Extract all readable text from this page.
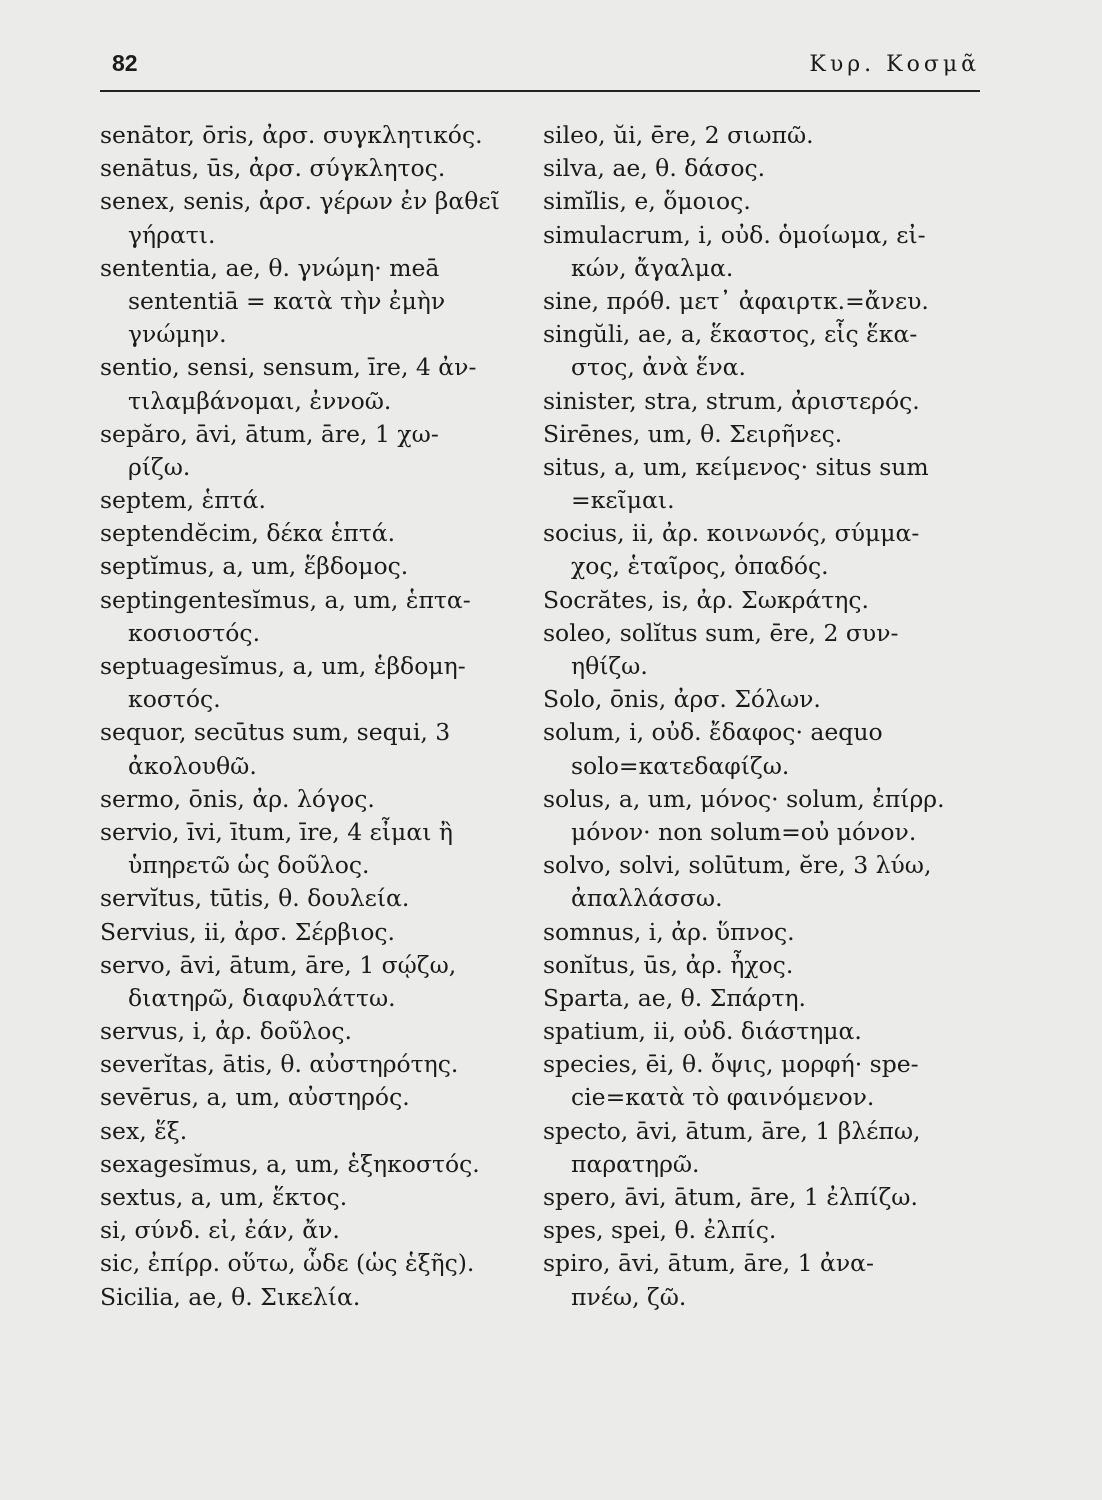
82	Κυρ. Κοσμᾶ
senātor, ōris, ἀρσ. συγκλητικός.
senātus, ūs, ἀρσ. σύγκλητος.
senex, senis, ἀρσ. γέρων ἐν βαθεῖ
γήρατι.
sententia, ae, θ. γνώμη· meā
sententiā = κατὰ τὴν ἐμὴν
γνώμην.
sentio, sensi, sensum, īre, 4 ἀν-
τιλαμβάνομαι, ἐννοῶ.
sepăro, āvi, ātum, āre, 1 χω-
ρίζω.
septem, ἑπτά.
septendĕcim, δέκα ἑπτά.
septĭmus, a, um, ἕβδομος.
septingentesĭmus, a, um, ἑπτα-
κοσιοστός.
septuagesĭmus, a, um, ἑβδομη-
κοστός.
sequor, secūtus sum, sequi, 3
ἀκολουθῶ.
sermo, ōnis, ἀρ. λόγος.
servio, īvi, ītum, īre, 4 εἶμαι ἢ
ὑπηρετῶ ὡς δοῦλος.
servĭtus, tūtis, θ. δουλεία.
Servius, ii, ἀρσ. Σέρβιος.
servo, āvi, ātum, āre, 1 σῴζω,
διατηρῶ, διαφυλάττω.
servus, i, ἀρ. δοῦλος.
severĭtas, ātis, θ. αὐστηρότης.
sevērus, a, um, αὐστηρός.
sex, ἕξ.
sexagesĭmus, a, um, ἑξηκοστός.
sextus, a, um, ἕκτος.
si, σύνδ. εἰ, ἐάν, ἄν.
sic, ἐπίρρ. οὕτω, ὧδε (ὡς ἑξῆς).
Sicilia, ae, θ. Σικελία.
sileo, ŭi, ēre, 2 σιωπῶ.
silva, ae, θ. δάσος.
simĭlis, e, ὅμοιος.
simulacrum, i, οὐδ. ὁμοίωμα, εἰ-
κών, ἄγαλμα.
sine, πρόθ. μετ᾽ ἀφαιρτκ.=ἄνευ.
singŭli, ae, a, ἕκαστος, εἷς ἕκα-
στος, ἀνὰ ἕνα.
sinister, stra, strum, ἀριστερός.
Sirēnes, um, θ. Σειρῆνες.
situs, a, um, κείμενος· situs sum
=κεῖμαι.
socius, ii, ἀρ. κοινωνός, σύμμα-
χος, ἑταῖρος, ὀπαδός.
Socrătes, is, ἀρ. Σωκράτης.
soleo, solĭtus sum, ēre, 2 συν-
ηθίζω.
Solo, ōnis, ἀρσ. Σόλων.
solum, i, οὐδ. ἔδαφος· aequo
solo=κατεδαφίζω.
solus, a, um, μόνος· solum, ἐπίρρ.
μόνον· non solum=οὐ μόνον.
solvo, solvi, solūtum, ĕre, 3 λύω,
ἀπαλλάσσω.
somnus, i, ἀρ. ὕπνος.
sonĭtus, ūs, ἀρ. ἦχος.
Sparta, ae, θ. Σπάρτη.
spatium, ii, οὐδ. διάστημα.
species, ēi, θ. ὄψις, μορφή· spe-
cie=κατὰ τὸ φαινόμενον.
specto, āvi, ātum, āre, 1 βλέπω,
παρατηρῶ.
spero, āvi, ātum, āre, 1 ἐλπίζω.
spes, spei, θ. ἐλπίς.
spiro, āvi, ātum, āre, 1 ἀνα-
πνέω, ζῶ.
